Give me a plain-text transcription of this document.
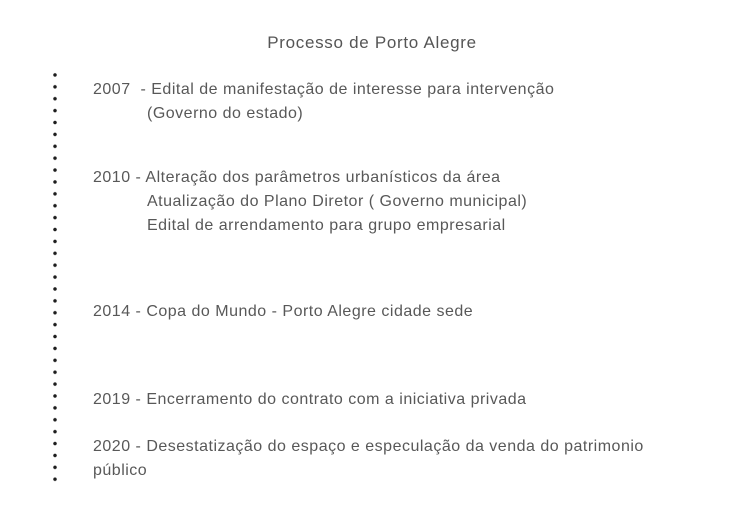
Processo de Porto Alegre
2007  - Edital de manifestação de interesse para intervenção
(Governo do estado)
2010 - Alteração dos parâmetros urbanísticos da área
Atualização do Plano Diretor ( Governo municipal)
Edital de arrendamento para grupo empresarial
2014 - Copa do Mundo - Porto Alegre cidade sede
2019 - Encerramento do contrato com a iniciativa privada
2020 - Desestatização do espaço e especulação da venda do patrimonio
público
